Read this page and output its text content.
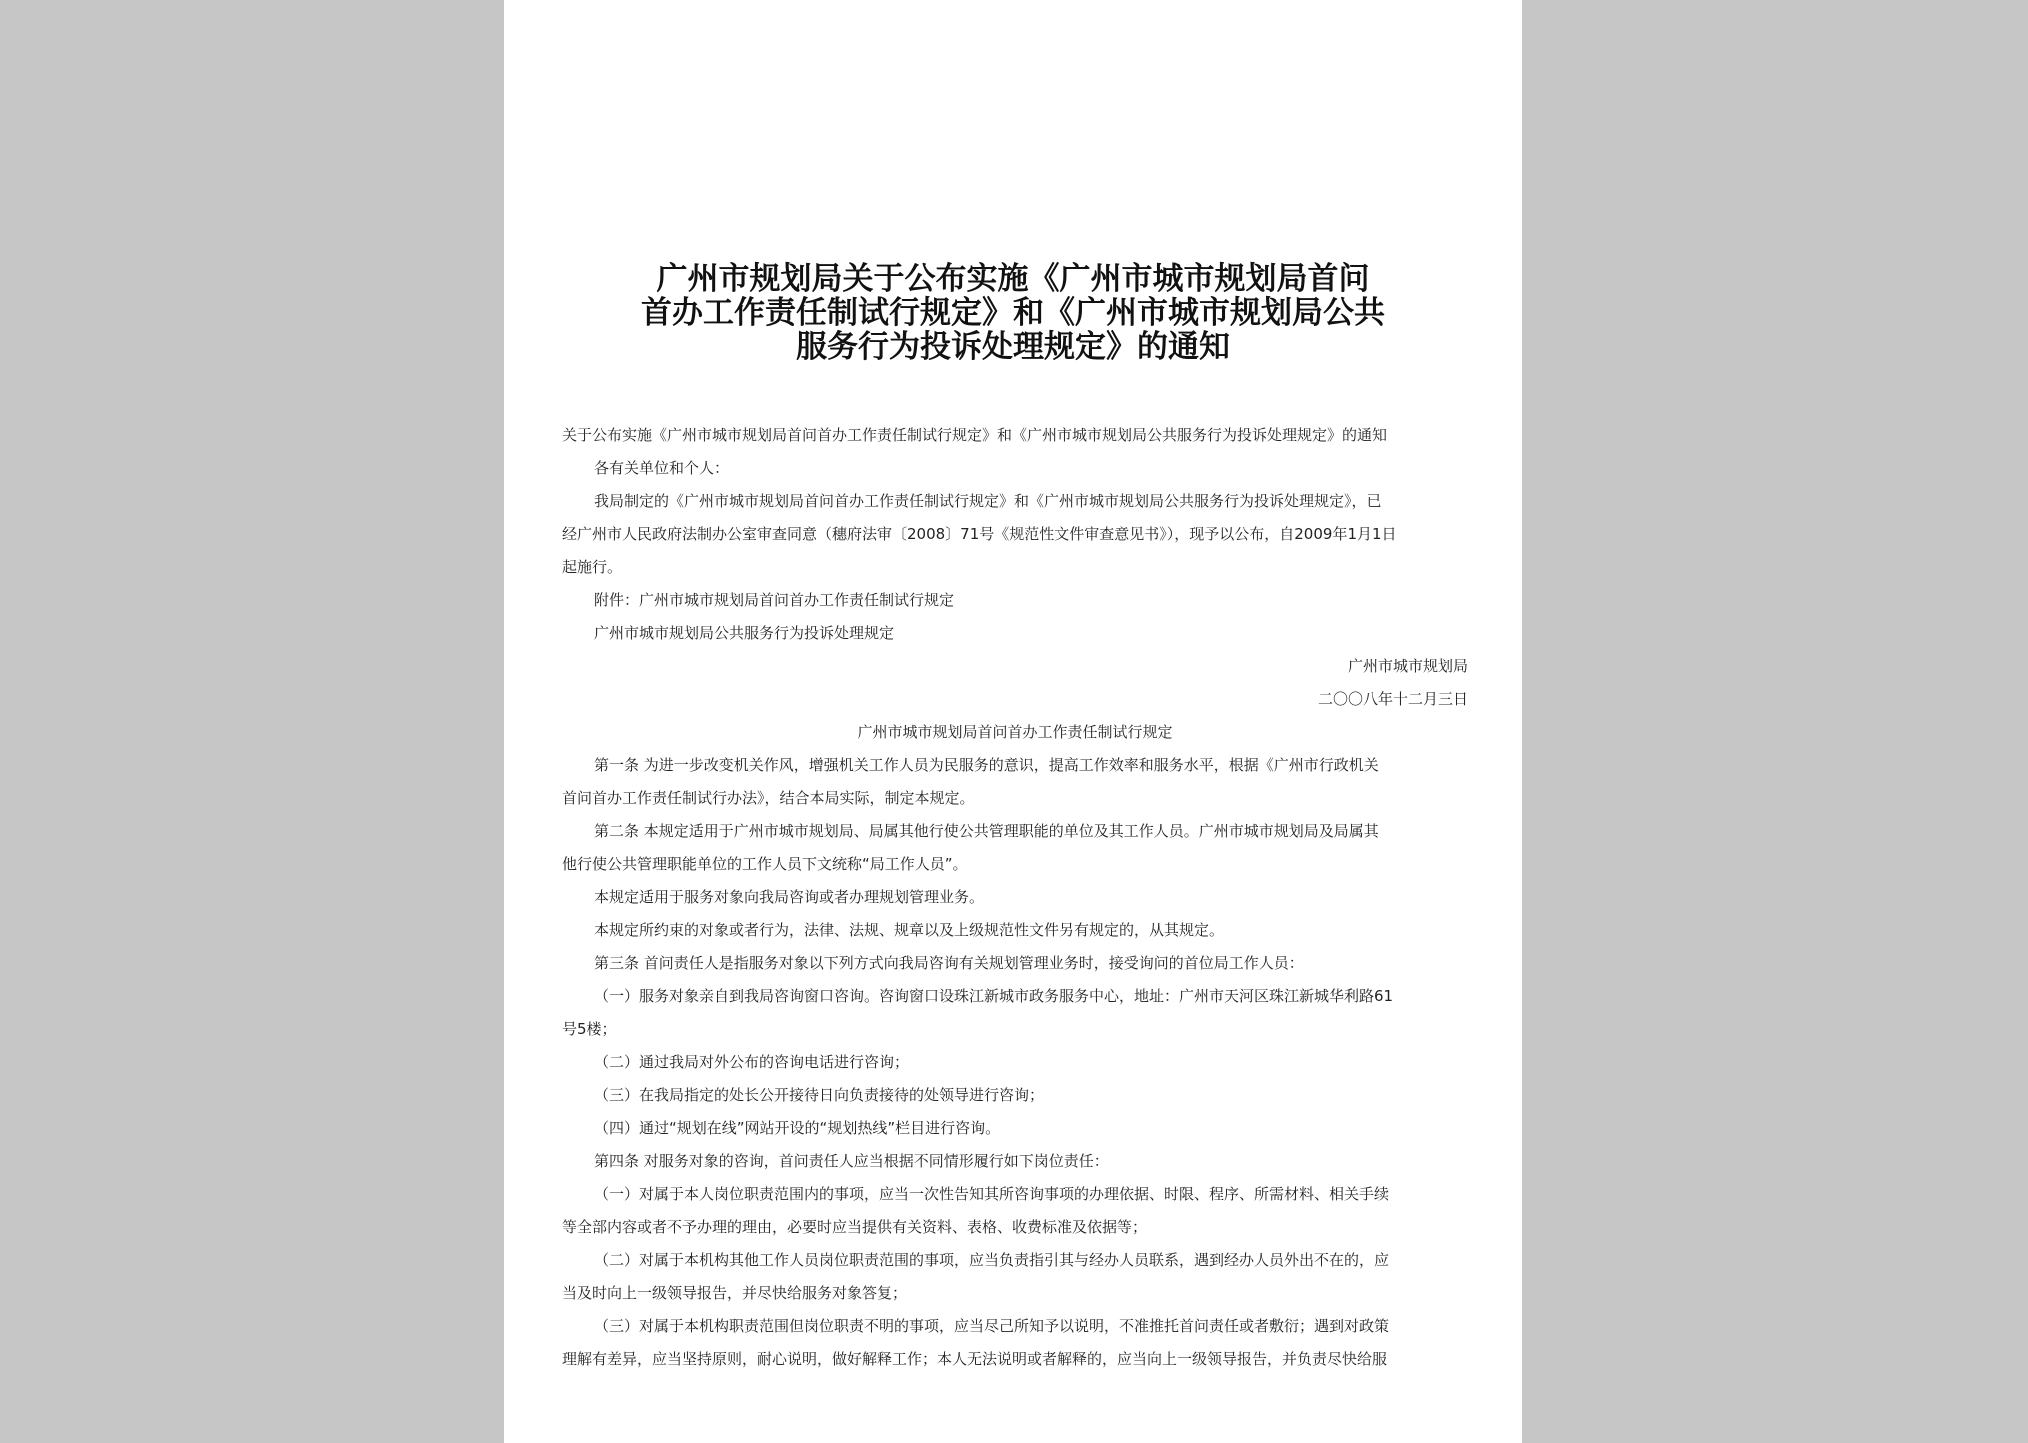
广州市规划局关于公布实施《广州市城市规划局首问
首办工作责任制试行规定》和《广州市城市规划局公共
服务行为投诉处理规定》的通知
关于公布实施《广州市城市规划局首问首办工作责任制试行规定》和《广州市城市规划局公共服务行为投诉处理规定》的通知
各有关单位和个人：
我局制定的《广州市城市规划局首问首办工作责任制试行规定》和《广州市城市规划局公共服务行为投诉处理规定》，已
经广州市人民政府法制办公室审查同意（穗府法审〔2008〕71号《规范性文件审查意见书》），现予以公布，自2009年1月1日
起施行。
附件：广州市城市规划局首问首办工作责任制试行规定
广州市城市规划局公共服务行为投诉处理规定
广州市城市规划局
二〇〇八年十二月三日
广州市城市规划局首问首办工作责任制试行规定
第一条 为进一步改变机关作风，增强机关工作人员为民服务的意识，提高工作效率和服务水平，根据《广州市行政机关
首问首办工作责任制试行办法》，结合本局实际，制定本规定。
第二条 本规定适用于广州市城市规划局、局属其他行使公共管理职能的单位及其工作人员。广州市城市规划局及局属其
他行使公共管理职能单位的工作人员下文统称“局工作人员”。
本规定适用于服务对象向我局咨询或者办理规划管理业务。
本规定所约束的对象或者行为，法律、法规、规章以及上级规范性文件另有规定的，从其规定。
第三条 首问责任人是指服务对象以下列方式向我局咨询有关规划管理业务时，接受询问的首位局工作人员：
（一）服务对象亲自到我局咨询窗口咨询。咨询窗口设珠江新城市政务服务中心，地址：广州市天河区珠江新城华利路61
号5楼；
（二）通过我局对外公布的咨询电话进行咨询；
（三）在我局指定的处长公开接待日向负责接待的处领导进行咨询；
（四）通过“规划在线”网站开设的“规划热线”栏目进行咨询。
第四条 对服务对象的咨询，首问责任人应当根据不同情形履行如下岗位责任：
（一）对属于本人岗位职责范围内的事项，应当一次性告知其所咨询事项的办理依据、时限、程序、所需材料、相关手续
等全部内容或者不予办理的理由，必要时应当提供有关资料、表格、收费标准及依据等；
（二）对属于本机构其他工作人员岗位职责范围的事项，应当负责指引其与经办人员联系，遇到经办人员外出不在的，应
当及时向上一级领导报告，并尽快给服务对象答复；
（三）对属于本机构职责范围但岗位职责不明的事项，应当尽己所知予以说明，不准推托首问责任或者敷衍；遇到对政策
理解有差异，应当坚持原则，耐心说明，做好解释工作；本人无法说明或者解释的，应当向上一级领导报告，并负责尽快给服
